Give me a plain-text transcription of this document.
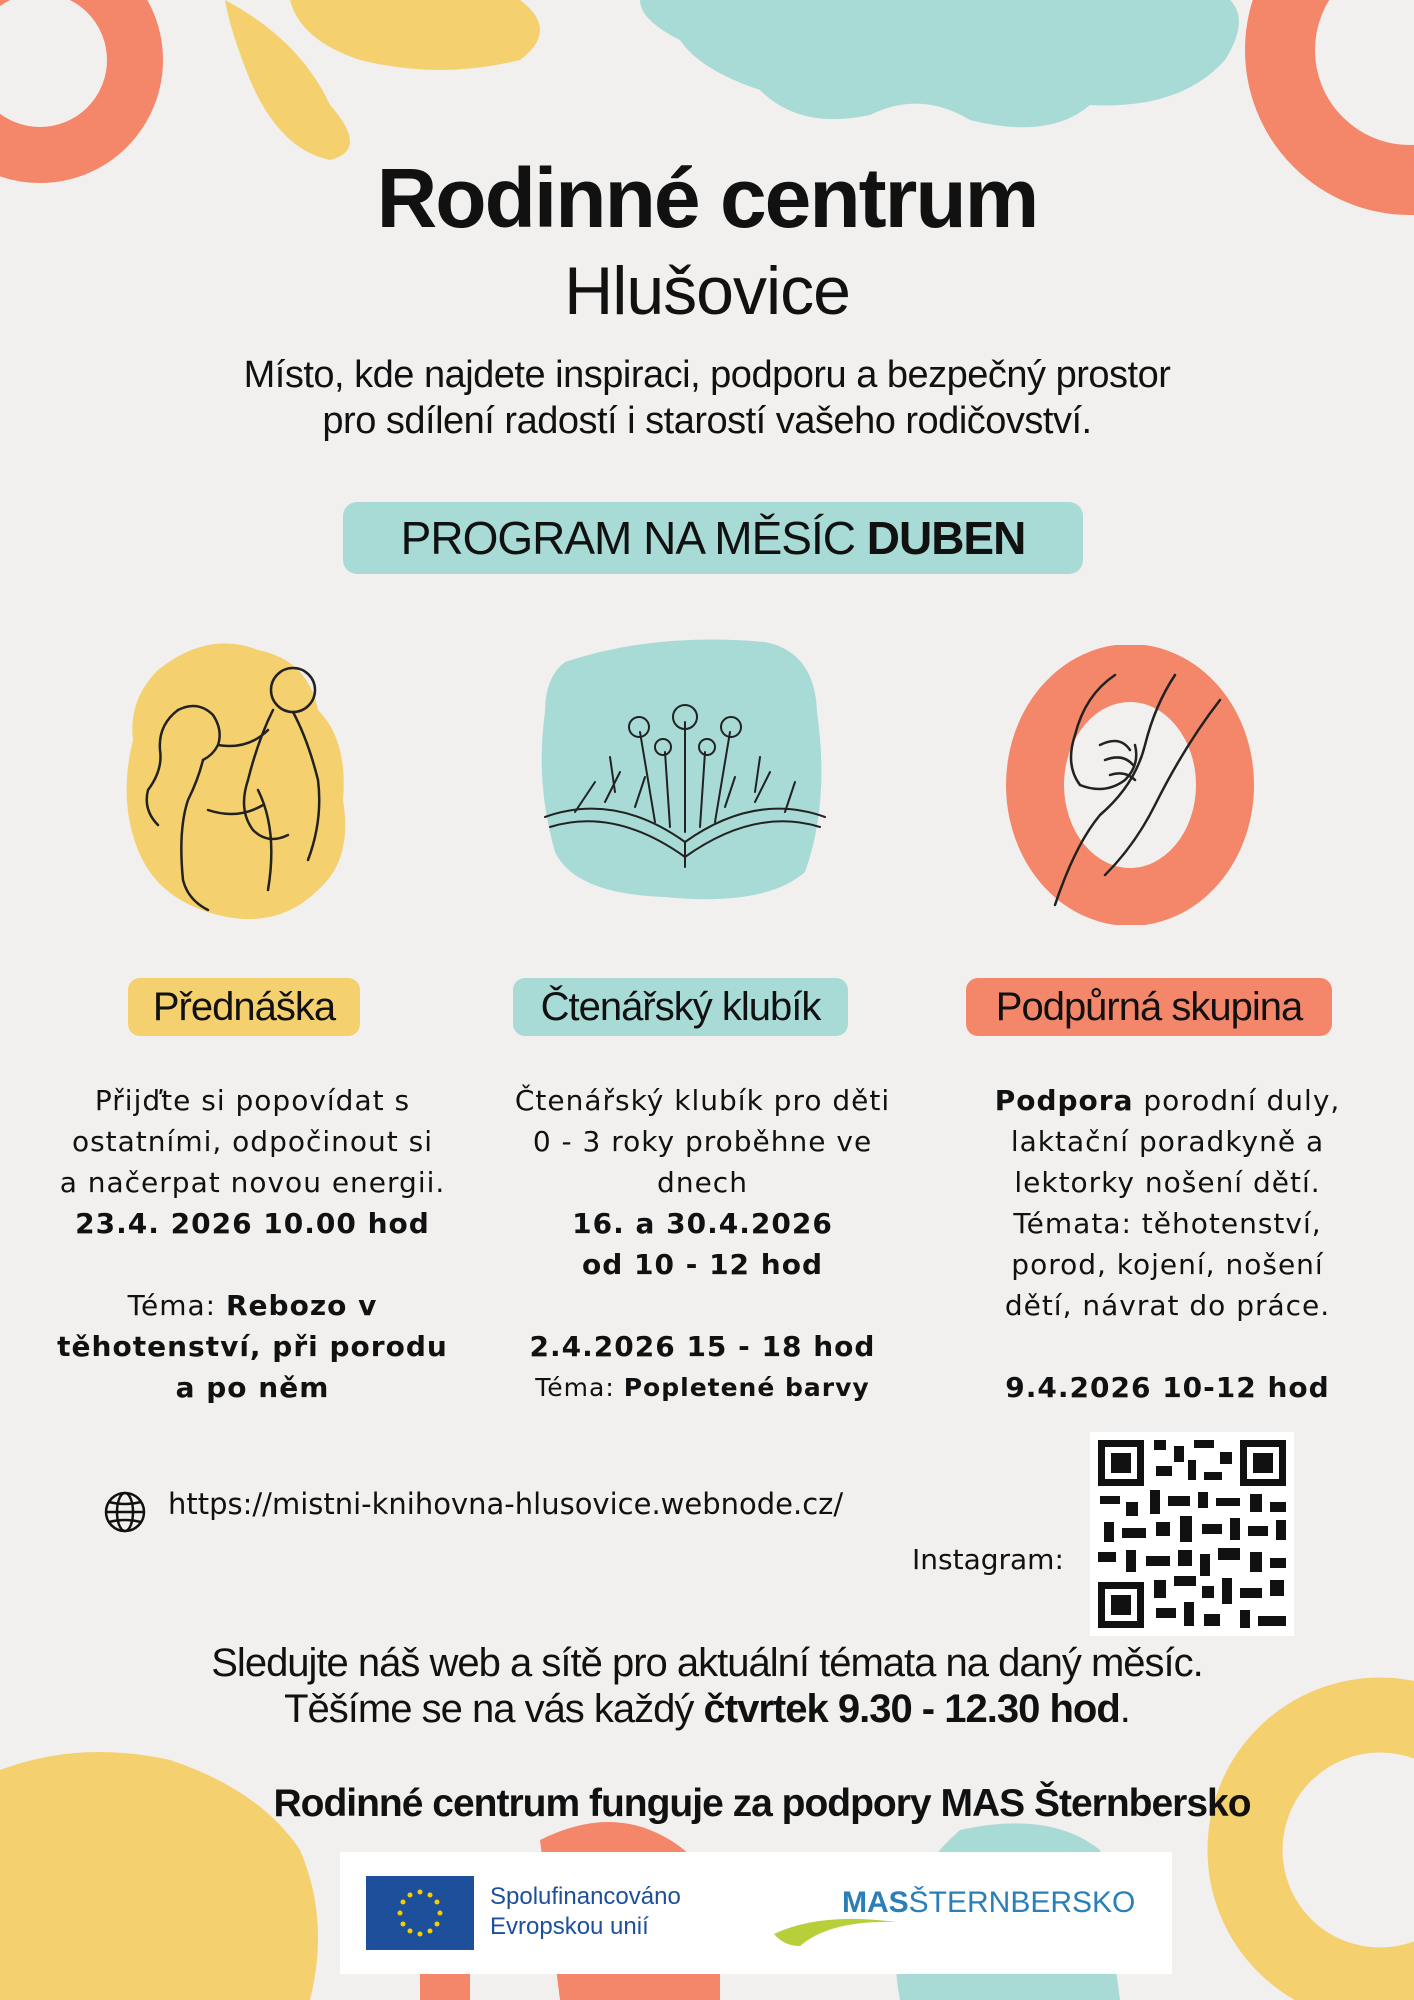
Rodinné centrum
Hlušovice
Místo, kde najdete inspiraci, podporu a bezpečný prostor
pro sdílení radostí i starostí vašeho rodičovství.
PROGRAM NA MĚSÍC DUBEN
Přednáška	Čtenářský klubík	Podpůrná skupina
Přijďte si popovídat s
ostatními, odpočinout si
a načerpat novou energii.
23.4. 2026 10.00 hod
Téma: Rebozo v
těhotenství, při porodu
a po něm
Čtenářský klubík pro děti
0 - 3 roky proběhne ve
dnech
16. a 30.4.2026
od 10 - 12 hod
2.4.2026 15 - 18 hod
Téma: Popletené barvy
Podpora porodní duly,
laktační poradkyně a
lektorky nošení dětí.
Témata: těhotenství,
porod, kojení, nošení
dětí, návrat do práce.
9.4.2026 10-12 hod
https://mistni-knihovna-hlusovice.webnode.cz/
Instagram:
Sledujte náš web a sítě pro aktuální témata na daný měsíc.
Těšíme se na vás každý čtvrtek 9.30 - 12.30 hod.
Rodinné centrum funguje za podpory MAS Šternbersko
Spolufinancováno
Evropskou unií
MASŠTERNBERSKO
